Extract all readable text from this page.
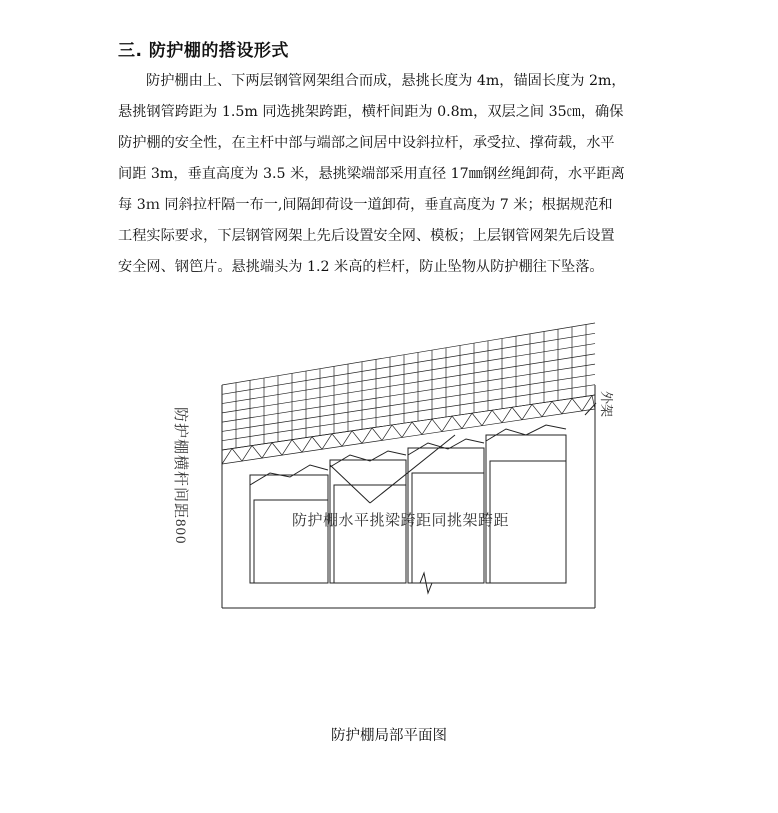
三. 防护棚的搭设形式
防护棚由上、下两层钢管网架组合而成，悬挑长度为 4m，锚固长度为 2m，
悬挑钢管跨距为 1.5m 同选挑架跨距，横杆间距为 0.8m，双层之间 35㎝，确保
防护棚的安全性，在主杆中部与端部之间居中设斜拉杆，承受拉、撑荷载，水平
间距 3m，垂直高度为 3.5 米，悬挑梁端部采用直径 17㎜钢丝绳卸荷，水平距离
每 3ｍ 同斜拉杆隔一布一,间隔卸荷设一道卸荷，垂直高度为 7 米；根据规范和
工程实际要求，下层钢管网架上先后设置安全网、模板；上层钢管网架先后设置
安全网、钢笆片。悬挑端头为 1.2 米高的栏杆，防止坠物从防护棚往下坠落。
防护棚横杆间距800	防护棚水平挑梁跨距同挑架跨距
外架
防护棚局部平面图
